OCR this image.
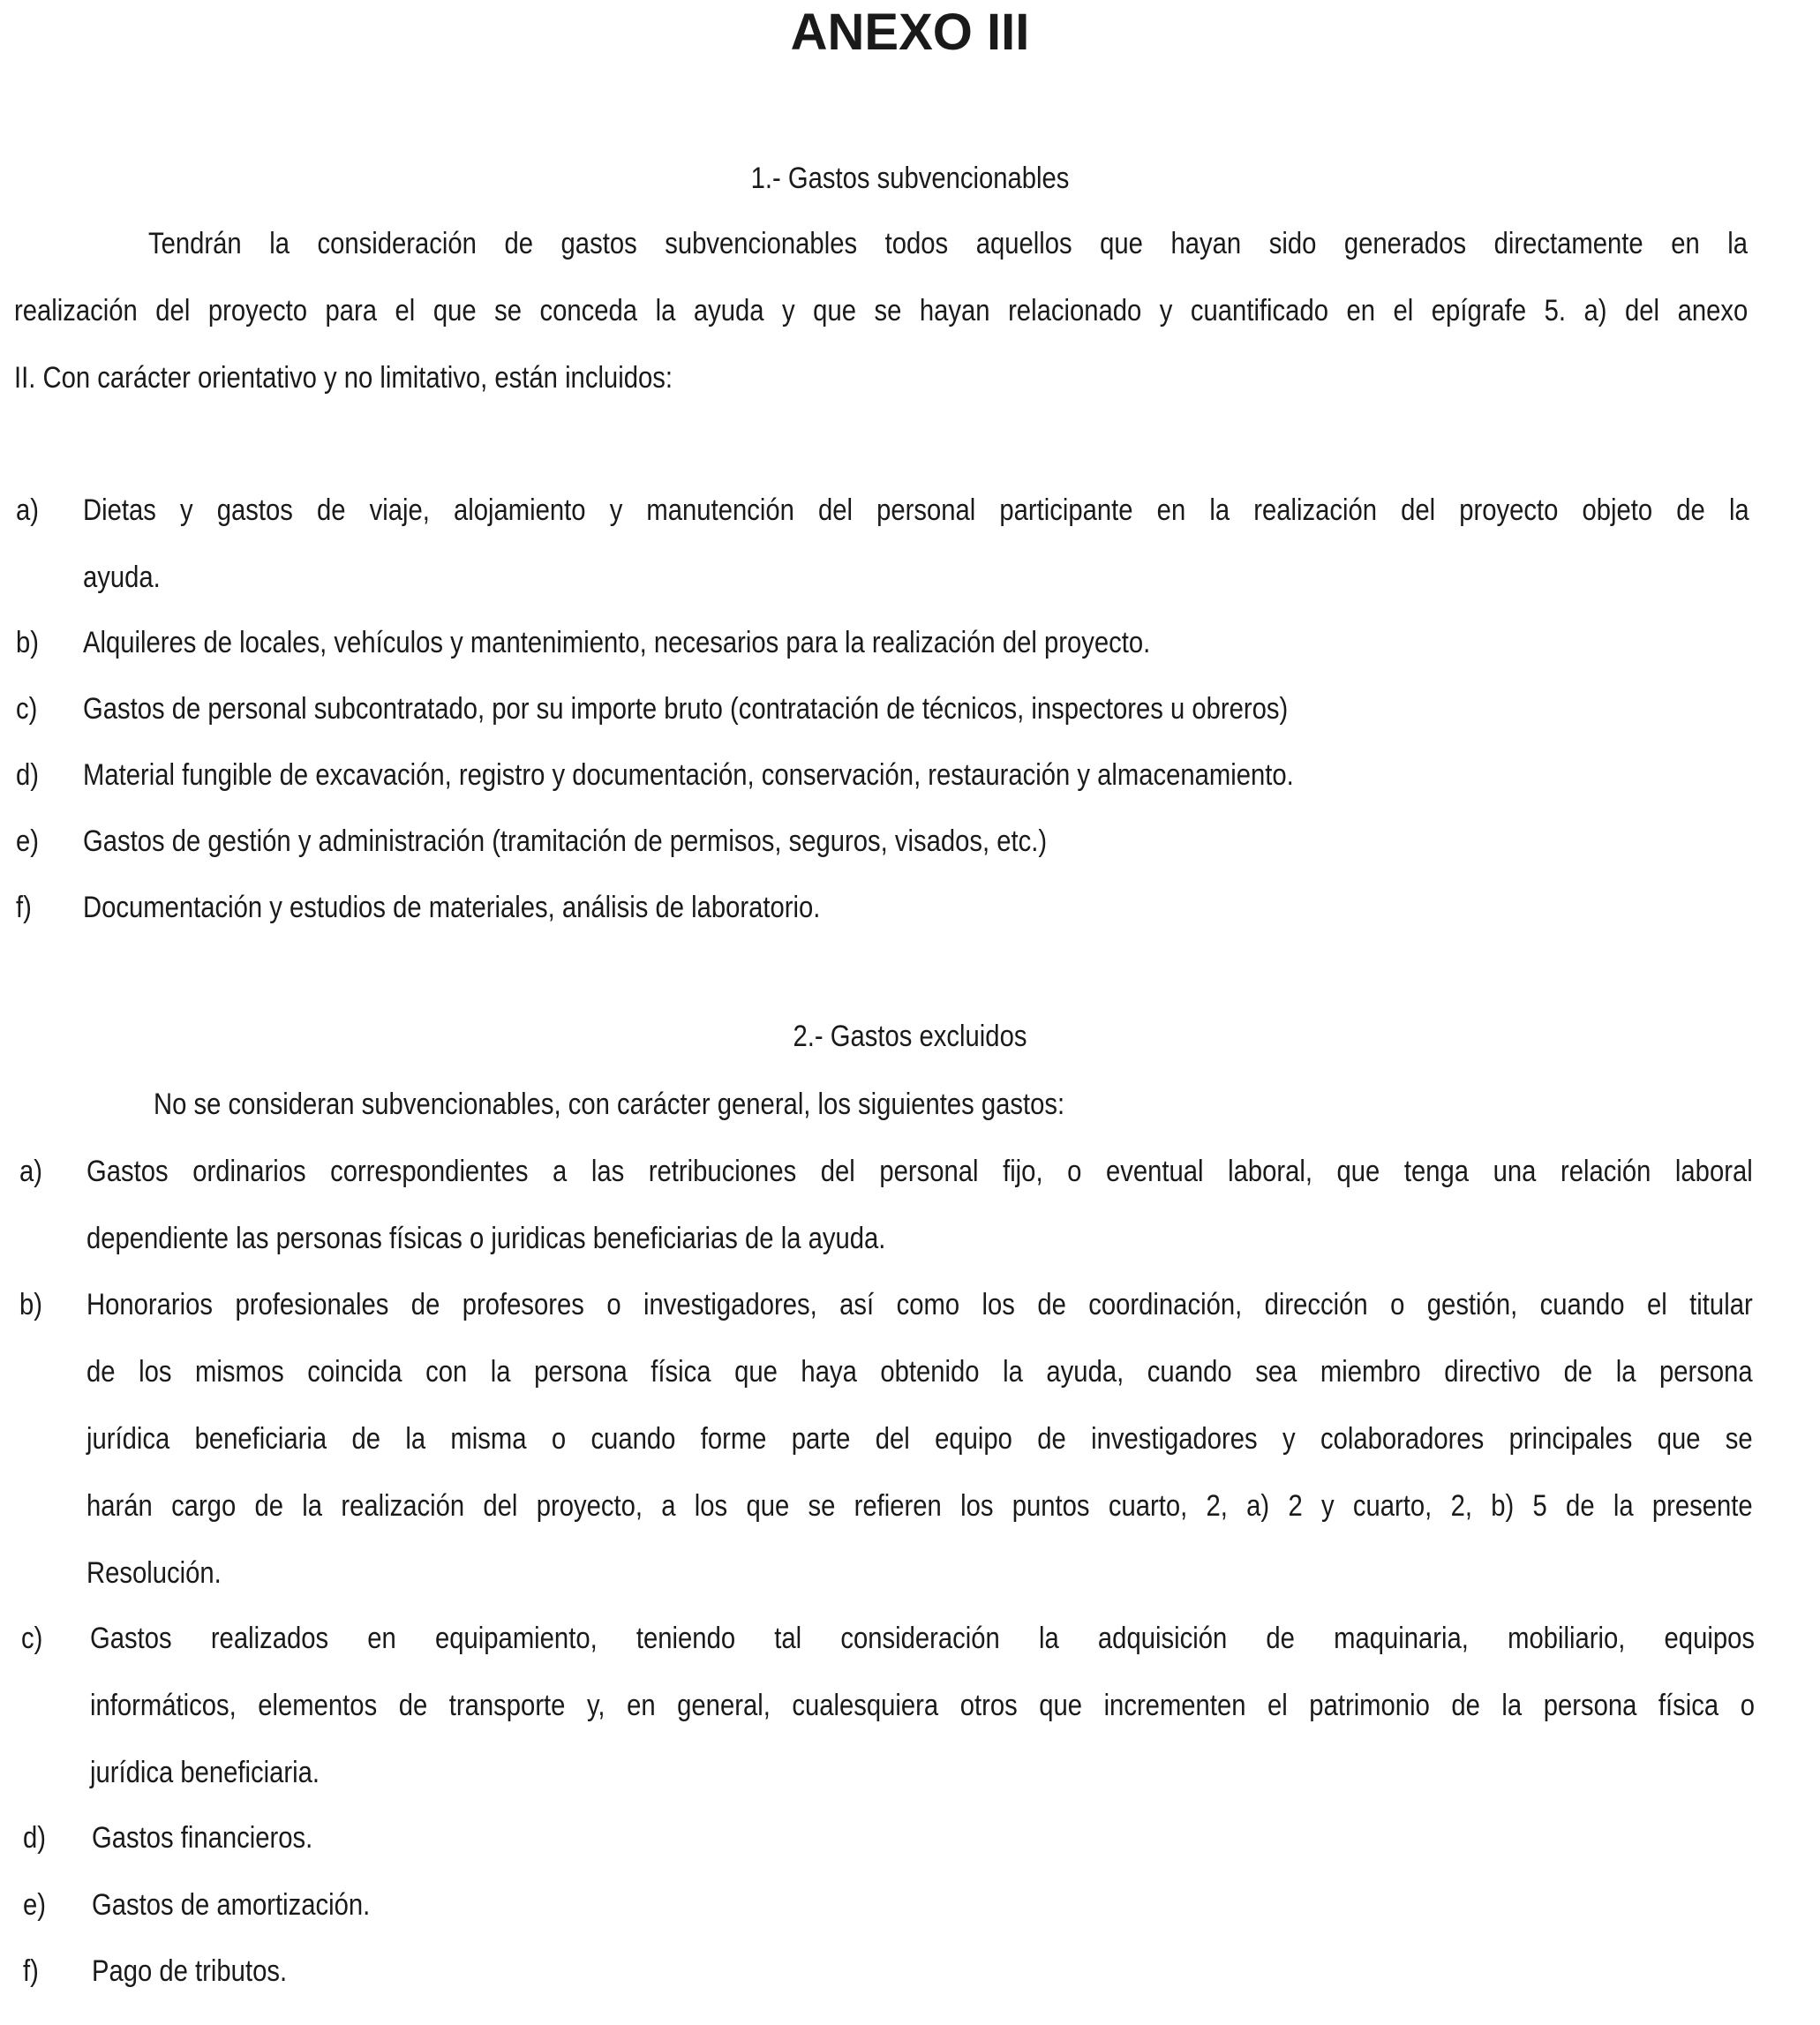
ANEXO III
1.- Gastos subvencionables
Tendrán la consideración de gastos subvencionables todos aquellos que hayan sido generados directamente en la
realización del proyecto para el que se conceda la ayuda y que se hayan relacionado y cuantificado en el epígrafe 5. a) del anexo
II. Con carácter orientativo y no limitativo, están incluidos:
a) Dietas y gastos de viaje, alojamiento y manutención del personal participante en la realización del proyecto objeto de la
ayuda.
b) Alquileres de locales, vehículos y mantenimiento, necesarios para la realización del proyecto.
c) Gastos de personal subcontratado, por su importe bruto (contratación de técnicos, inspectores u obreros)
d) Material fungible de excavación, registro y documentación, conservación, restauración y almacenamiento.
e) Gastos de gestión y administración (tramitación de permisos, seguros, visados, etc.)
f) Documentación y estudios de materiales, análisis de laboratorio.
2.- Gastos excluidos
No se consideran subvencionables, con carácter general, los siguientes gastos:
a) Gastos ordinarios correspondientes a las retribuciones del personal fijo, o eventual laboral, que tenga una relación laboral
dependiente las personas físicas o juridicas beneficiarias de la ayuda.
b) Honorarios profesionales de profesores o investigadores, así como los de coordinación, dirección o gestión, cuando el titular
de los mismos coincida con la persona física que haya obtenido la ayuda, cuando sea miembro directivo de la persona
jurídica beneficiaria de la misma o cuando forme parte del equipo de investigadores y colaboradores principales que se
harán cargo de la realización del proyecto, a los que se refieren los puntos cuarto, 2, a) 2 y cuarto, 2, b) 5 de la presente
Resolución.
c) Gastos realizados en equipamiento, teniendo tal consideración la adquisición de maquinaria, mobiliario, equipos
informáticos, elementos de transporte y, en general, cualesquiera otros que incrementen el patrimonio de la persona física o
jurídica beneficiaria.
d) Gastos financieros.
e) Gastos de amortización.
f) Pago de tributos.
